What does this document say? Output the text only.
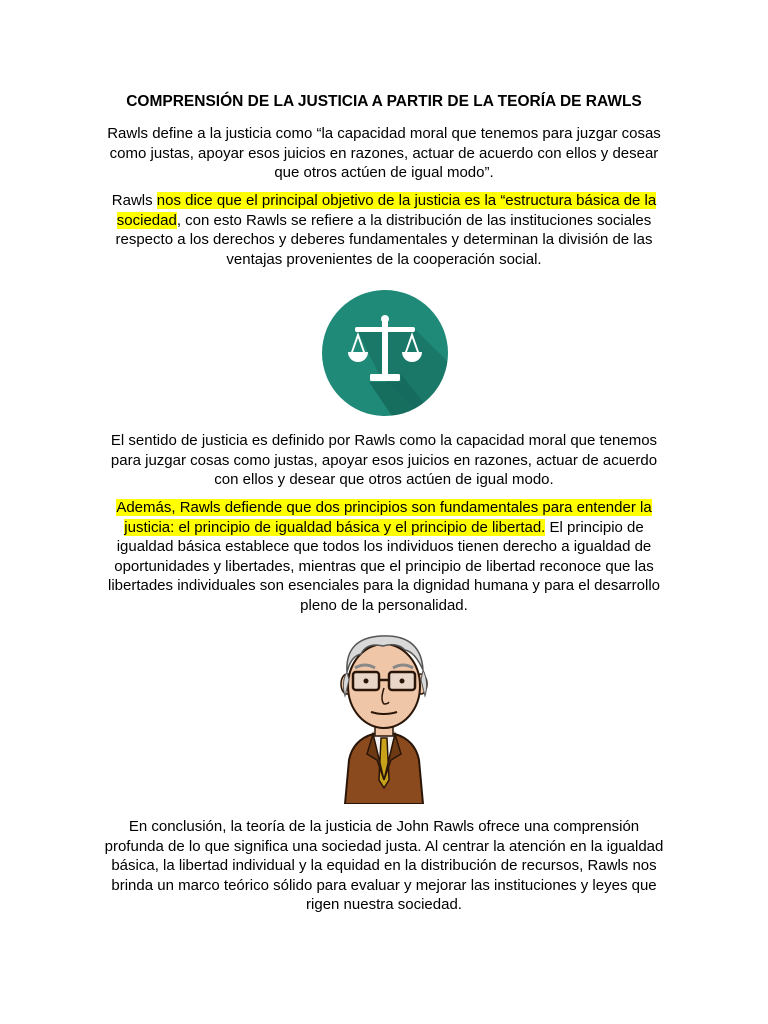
COMPRENSIÓN DE LA JUSTICIA A PARTIR DE LA TEORÍA DE RAWLS

Rawls define a la justicia como “la capacidad moral que tenemos para juzgar cosas como justas, apoyar esos juicios en razones, actuar de acuerdo con ellos y desear que otros actúen de igual modo”.

Rawls nos dice que el principal objetivo de la justicia es la “estructura básica de la sociedad, con esto Rawls se refiere a la distribución de las instituciones sociales respecto a los derechos y deberes fundamentales y determinan la división de las ventajas provenientes de la cooperación social.

El sentido de justicia es definido por Rawls como la capacidad moral que tenemos para juzgar cosas como justas, apoyar esos juicios en razones, actuar de acuerdo con ellos y desear que otros actúen de igual modo.

Además, Rawls defiende que dos principios son fundamentales para entender la justicia: el principio de igualdad básica y el principio de libertad. El principio de igualdad básica establece que todos los individuos tienen derecho a igualdad de oportunidades y libertades, mientras que el principio de libertad reconoce que las libertades individuales son esenciales para la dignidad humana y para el desarrollo pleno de la personalidad.

En conclusión, la teoría de la justicia de John Rawls ofrece una comprensión profunda de lo que significa una sociedad justa. Al centrar la atención en la igualdad básica, la libertad individual y la equidad en la distribución de recursos, Rawls nos brinda un marco teórico sólido para evaluar y mejorar las instituciones y leyes que rigen nuestra sociedad.
